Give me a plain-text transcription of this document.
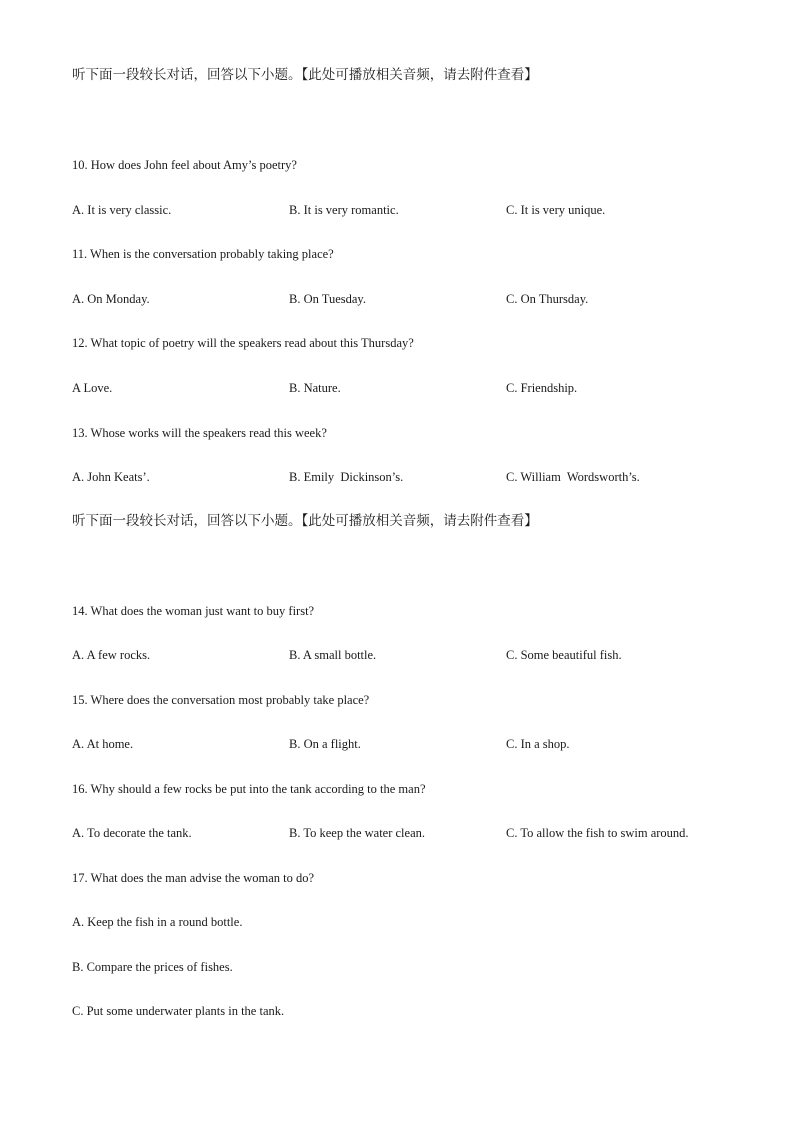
听下面一段较长对话，回答以下小题。【此处可播放相关音频，请去附件查看】
10. How does John feel about Amy’s poetry?
A. It is very classic.	B. It is very romantic.	C. It is very unique.
11. When is the conversation probably taking place?
A. On Monday.	B. On Tuesday.	C. On Thursday.
12. What topic of poetry will the speakers read about this Thursday?
A Love.	B. Nature.	C. Friendship.
13. Whose works will the speakers read this week?
A. John Keats’.	B. Emily  Dickinson’s.	C. William  Wordsworth’s.
听下面一段较长对话，回答以下小题。【此处可播放相关音频，请去附件查看】
14. What does the woman just want to buy first?
A. A few rocks.	B. A small bottle.	C. Some beautiful fish.
15. Where does the conversation most probably take place?
A. At home.	B. On a flight.	C. In a shop.
16. Why should a few rocks be put into the tank according to the man?
A. To decorate the tank.	B. To keep the water clean.	C. To allow the fish to swim around.
17. What does the man advise the woman to do?
A. Keep the fish in a round bottle.
B. Compare the prices of fishes.
C. Put some underwater plants in the tank.
